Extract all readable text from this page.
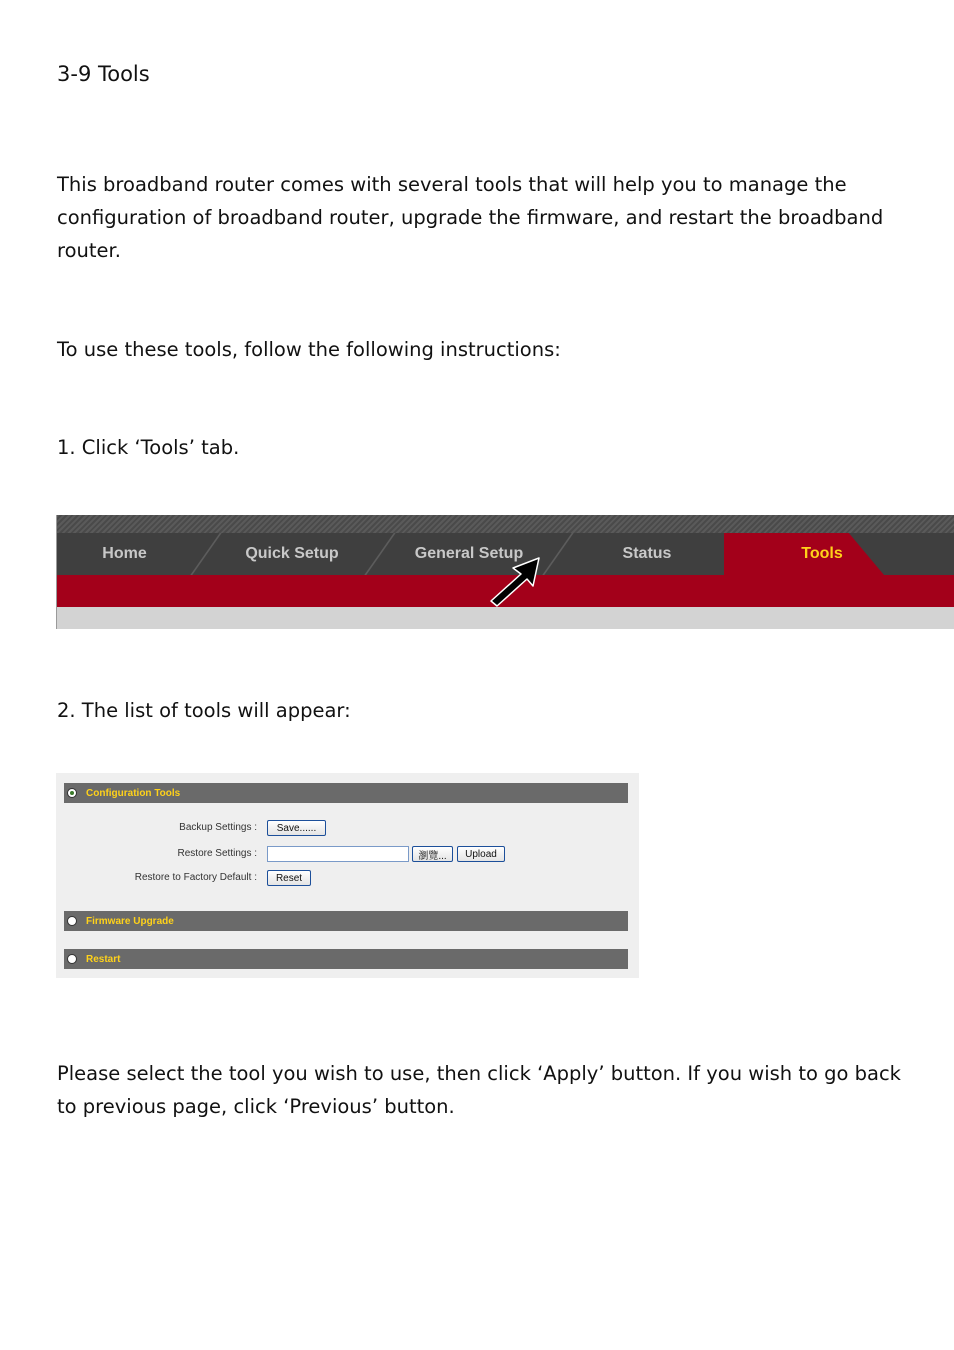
3-9 Tools

This broadband router comes with several tools that will help you to manage the configuration of broadband router, upgrade the firmware, and restart the broadband router.

To use these tools, follow the following instructions:

1. Click ‘Tools’ tab.

Home	Quick Setup	General Setup	Status	Tools

2. The list of tools will appear:

Configuration Tools
Backup Settings :	Save......
Restore Settings :	瀏覽...	Upload
Restore to Factory Default :	Reset
Firmware Upgrade
Restart

Please select the tool you wish to use, then click ‘Apply’ button. If you wish to go back to previous page, click ‘Previous’ button.
